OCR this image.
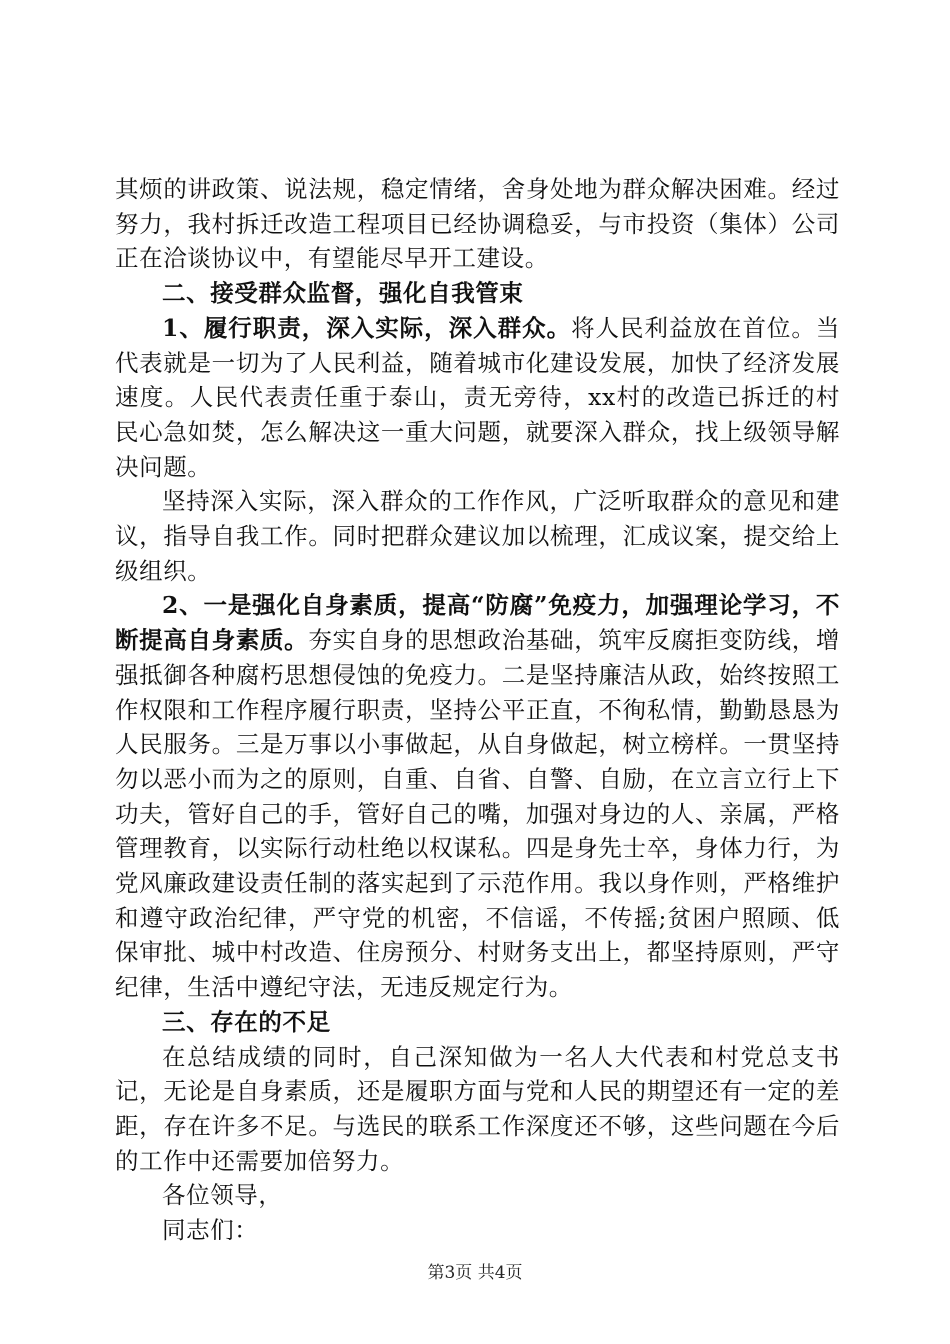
其烦的讲政策、说法规，稳定情绪，舍身处地为群众解决困难。经过努力，我村拆迁改造工程项目已经协调稳妥，与市投资（集体）公司正在洽谈协议中，有望能尽早开工建设。

二、接受群众监督，强化自我管束

1、履行职责，深入实际，深入群众。将人民利益放在首位。当代表就是一切为了人民利益，随着城市化建设发展，加快了经济发展速度。人民代表责任重于泰山，责无旁待，xx村的改造已拆迁的村民心急如焚，怎么解决这一重大问题，就要深入群众，找上级领导解决问题。

坚持深入实际，深入群众的工作作风，广泛听取群众的意见和建议，指导自我工作。同时把群众建议加以梳理，汇成议案，提交给上级组织。

2、一是强化自身素质，提高“防腐”免疫力，加强理论学习，不断提高自身素质。夯实自身的思想政治基础，筑牢反腐拒变防线，增强抵御各种腐朽思想侵蚀的免疫力。二是坚持廉洁从政，始终按照工作权限和工作程序履行职责，坚持公平正直，不徇私情，勤勤恳恳为人民服务。三是万事以小事做起，从自身做起，树立榜样。一贯坚持勿以恶小而为之的原则，自重、自省、自警、自励，在立言立行上下功夫，管好自己的手，管好自己的嘴，加强对身边的人、亲属，严格管理教育，以实际行动杜绝以权谋私。四是身先士卒，身体力行，为党风廉政建设责任制的落实起到了示范作用。我以身作则，严格维护和遵守政治纪律，严守党的机密，不信谣，不传摇;贫困户照顾、低保审批、城中村改造、住房预分、村财务支出上，都坚持原则，严守纪律，生活中遵纪守法，无违反规定行为。

三、存在的不足

在总结成绩的同时，自己深知做为一名人大代表和村党总支书记，无论是自身素质，还是履职方面与党和人民的期望还有一定的差距，存在许多不足。与选民的联系工作深度还不够，这些问题在今后的工作中还需要加倍努力。

各位领导，

同志们：

第3页 共4页
